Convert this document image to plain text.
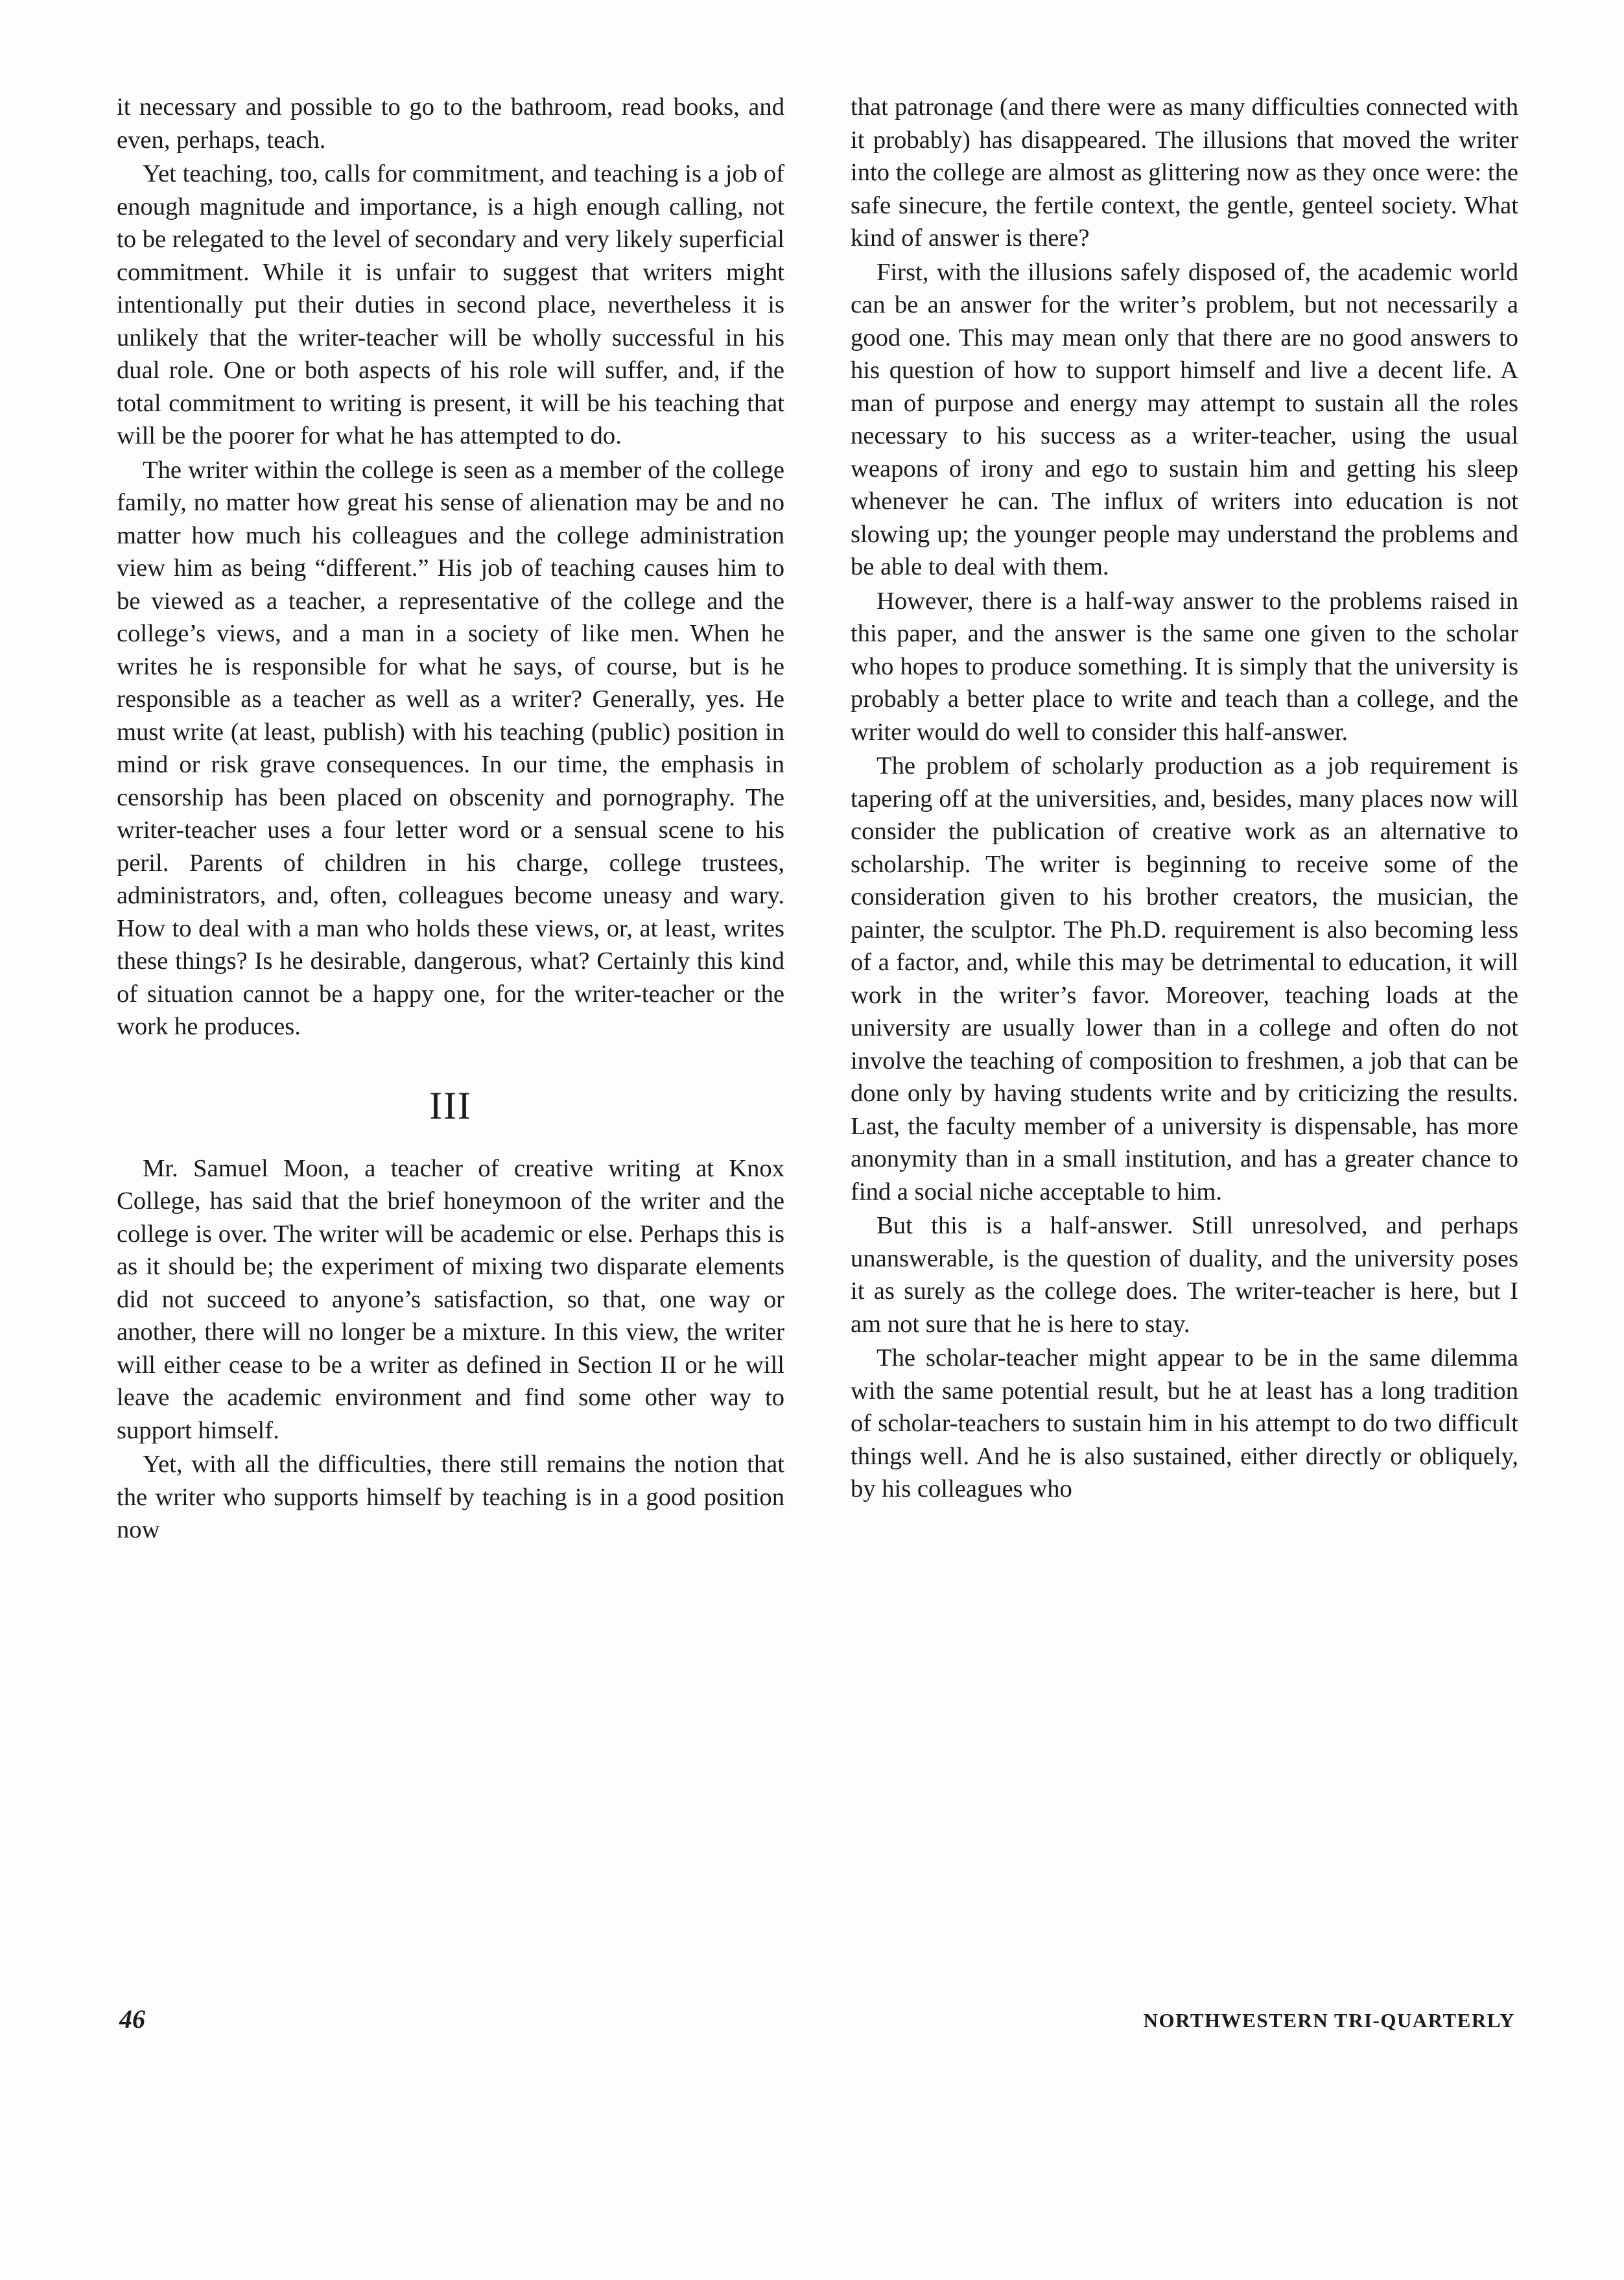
it necessary and possible to go to the bathroom, read books, and even, perhaps, teach.

Yet teaching, too, calls for commitment, and teaching is a job of enough magnitude and importance, is a high enough calling, not to be relegated to the level of secondary and very likely superficial commitment. While it is unfair to suggest that writers might intentionally put their duties in second place, nevertheless it is unlikely that the writer-teacher will be wholly successful in his dual role. One or both aspects of his role will suffer, and, if the total commitment to writing is present, it will be his teaching that will be the poorer for what he has attempted to do.

The writer within the college is seen as a member of the college family, no matter how great his sense of alienation may be and no matter how much his colleagues and the college administration view him as being “different.” His job of teaching causes him to be viewed as a teacher, a representative of the college and the college’s views, and a man in a society of like men. When he writes he is responsible for what he says, of course, but is he responsible as a teacher as well as a writer? Generally, yes. He must write (at least, publish) with his teaching (public) position in mind or risk grave consequences. In our time, the emphasis in censorship has been placed on obscenity and pornography. The writer-teacher uses a four letter word or a sensual scene to his peril. Parents of children in his charge, college trustees, administrators, and, often, colleagues become uneasy and wary. How to deal with a man who holds these views, or, at least, writes these things? Is he desirable, dangerous, what? Certainly this kind of situation cannot be a happy one, for the writer-teacher or the work he produces.

III

Mr. Samuel Moon, a teacher of creative writing at Knox College, has said that the brief honeymoon of the writer and the college is over. The writer will be academic or else. Perhaps this is as it should be; the experiment of mixing two disparate elements did not succeed to anyone’s satisfaction, so that, one way or another, there will no longer be a mixture. In this view, the writer will either cease to be a writer as defined in Section II or he will leave the academic environment and find some other way to support himself.

Yet, with all the difficulties, there still remains the notion that the writer who supports himself by teaching is in a good position now

that patronage (and there were as many difficulties connected with it probably) has disappeared. The illusions that moved the writer into the college are almost as glittering now as they once were: the safe sinecure, the fertile context, the gentle, genteel society. What kind of answer is there?

First, with the illusions safely disposed of, the academic world can be an answer for the writer’s problem, but not necessarily a good one. This may mean only that there are no good answers to his question of how to support himself and live a decent life. A man of purpose and energy may attempt to sustain all the roles necessary to his success as a writer-teacher, using the usual weapons of irony and ego to sustain him and getting his sleep whenever he can. The influx of writers into education is not slowing up; the younger people may understand the problems and be able to deal with them.

However, there is a half-way answer to the problems raised in this paper, and the answer is the same one given to the scholar who hopes to produce something. It is simply that the university is probably a better place to write and teach than a college, and the writer would do well to consider this half-answer.

The problem of scholarly production as a job requirement is tapering off at the universities, and, besides, many places now will consider the publication of creative work as an alternative to scholarship. The writer is beginning to receive some of the consideration given to his brother creators, the musician, the painter, the sculptor. The Ph.D. requirement is also becoming less of a factor, and, while this may be detrimental to education, it will work in the writer’s favor. Moreover, teaching loads at the university are usually lower than in a college and often do not involve the teaching of composition to freshmen, a job that can be done only by having students write and by criticizing the results. Last, the faculty member of a university is dispensable, has more anonymity than in a small institution, and has a greater chance to find a social niche acceptable to him.

But this is a half-answer. Still unresolved, and perhaps unanswerable, is the question of duality, and the university poses it as surely as the college does. The writer-teacher is here, but I am not sure that he is here to stay.

The scholar-teacher might appear to be in the same dilemma with the same potential result, but he at least has a long tradition of scholar-teachers to sustain him in his attempt to do two difficult things well. And he is also sustained, either directly or obliquely, by his colleagues who

46	NORTHWESTERN TRI-QUARTERLY
